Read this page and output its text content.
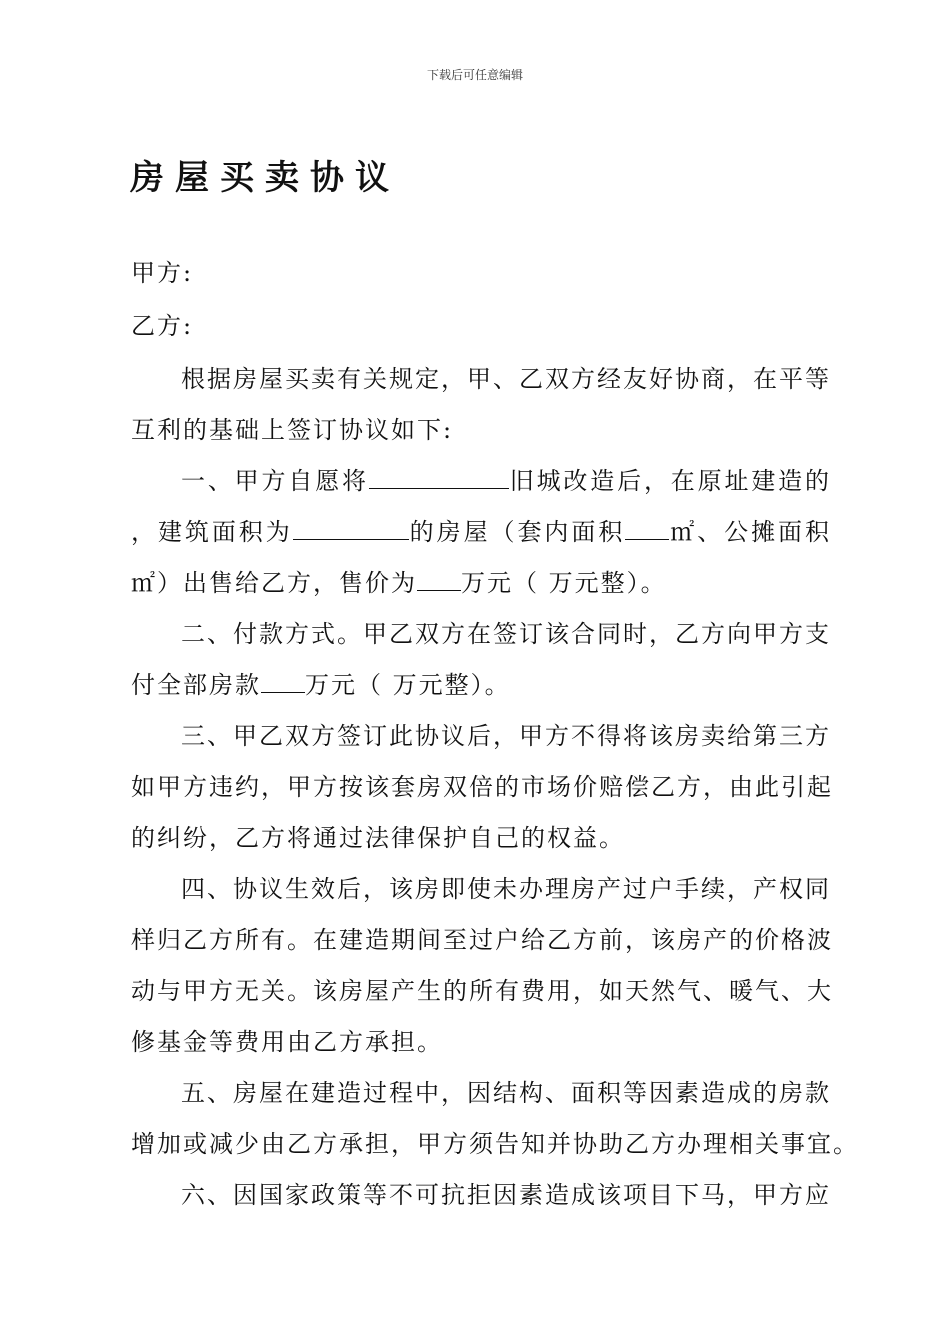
下载后可任意编辑
房屋买卖协议
甲方:
乙方:
根据房屋买卖有关规定，甲、乙双方经友好协商，在平等
互利的基础上签订协议如下:
一、甲方自愿将	旧城改造后，在原址建造的
，建筑面积为	的房屋（套内面积 ㎡、公摊面积
㎡）出售给乙方，售价为 万元（ 万元整）。
二、付款方式。甲乙双方在签订该合同时，乙方向甲方支
付全部房款 万元（ 万元整）。
三、甲乙双方签订此协议后，甲方不得将该房卖给第三方
如甲方违约，甲方按该套房双倍的市场价赔偿乙方，由此引起
的纠纷，乙方将通过法律保护自己的权益。
四、协议生效后，该房即使未办理房产过户手续，产权同
样归乙方所有。在建造期间至过户给乙方前，该房产的价格波
动与甲方无关。该房屋产生的所有费用，如天然气、暖气、大
修基金等费用由乙方承担。
五、房屋在建造过程中，因结构、面积等因素造成的房款
增加或减少由乙方承担，甲方须告知并协助乙方办理相关事宜。
六、因国家政策等不可抗拒因素造成该项目下马，甲方应
